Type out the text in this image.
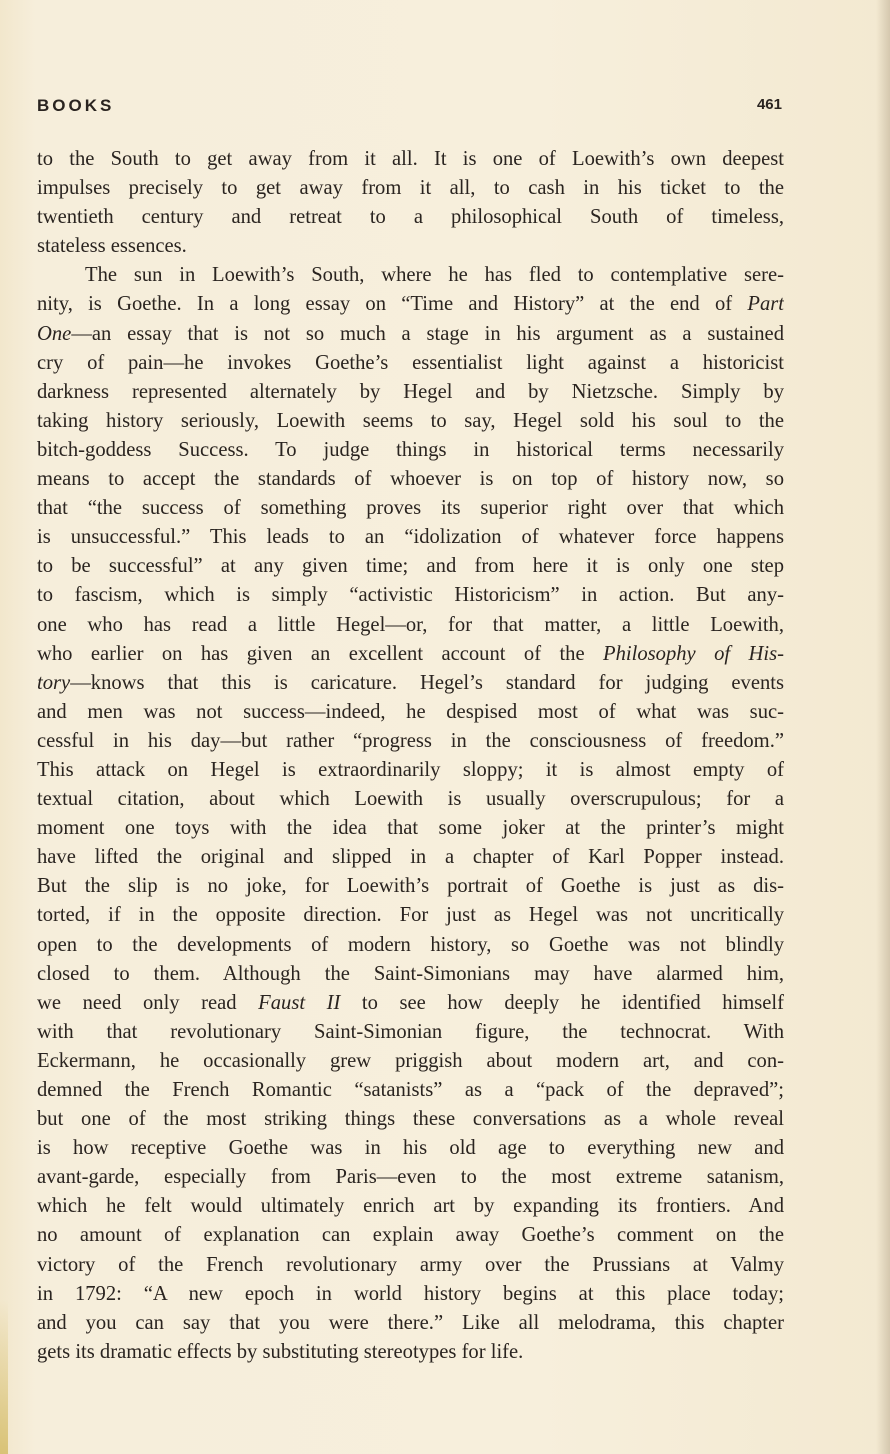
BOOKS	461
to the South to get away from it all. It is one of Loewith’s own deepest
impulses precisely to get away from it all, to cash in his ticket to the
twentieth century and retreat to a philosophical South of timeless,
stateless essences.
The sun in Loewith’s South, where he has fled to contemplative sere-
nity, is Goethe. In a long essay on “Time and History” at the end of Part
One—an essay that is not so much a stage in his argument as a sustained
cry of pain—he invokes Goethe’s essentialist light against a historicist
darkness represented alternately by Hegel and by Nietzsche. Simply by
taking history seriously, Loewith seems to say, Hegel sold his soul to the
bitch-goddess Success. To judge things in historical terms necessarily
means to accept the standards of whoever is on top of history now, so
that “the success of something proves its superior right over that which
is unsuccessful.” This leads to an “idolization of whatever force happens
to be successful” at any given time; and from here it is only one step
to fascism, which is simply “activistic Historicism” in action. But any-
one who has read a little Hegel—or, for that matter, a little Loewith,
who earlier on has given an excellent account of the Philosophy of His-
tory—knows that this is caricature. Hegel’s standard for judging events
and men was not success—indeed, he despised most of what was suc-
cessful in his day—but rather “progress in the consciousness of freedom.”
This attack on Hegel is extraordinarily sloppy; it is almost empty of
textual citation, about which Loewith is usually overscrupulous; for a
moment one toys with the idea that some joker at the printer’s might
have lifted the original and slipped in a chapter of Karl Popper instead.
But the slip is no joke, for Loewith’s portrait of Goethe is just as dis-
torted, if in the opposite direction. For just as Hegel was not uncritically
open to the developments of modern history, so Goethe was not blindly
closed to them. Although the Saint-Simonians may have alarmed him,
we need only read Faust II to see how deeply he identified himself
with that revolutionary Saint-Simonian figure, the technocrat. With
Eckermann, he occasionally grew priggish about modern art, and con-
demned the French Romantic “satanists” as a “pack of the depraved”;
but one of the most striking things these conversations as a whole reveal
is how receptive Goethe was in his old age to everything new and
avant-garde, especially from Paris—even to the most extreme satanism,
which he felt would ultimately enrich art by expanding its frontiers. And
no amount of explanation can explain away Goethe’s comment on the
victory of the French revolutionary army over the Prussians at Valmy
in 1792: “A new epoch in world history begins at this place today;
and you can say that you were there.” Like all melodrama, this chapter
gets its dramatic effects by substituting stereotypes for life.
